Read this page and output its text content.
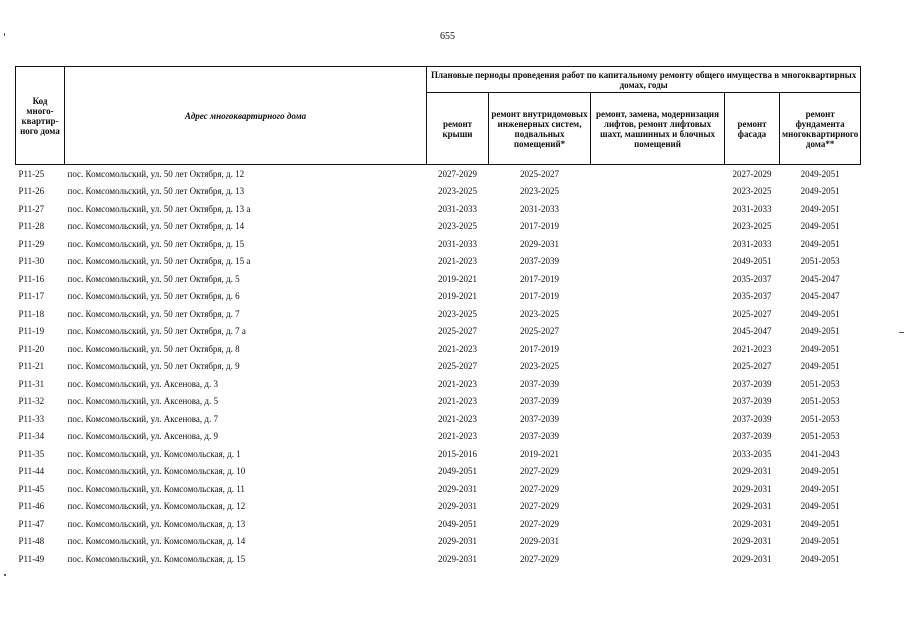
655
Код много-квартир-ного дома	Адрес многоквартирного дома	Плановые периоды проведения работ по капитальному ремонту общего имущества в многоквартирных домах, годы				
		ремонт крыши	ремонт внутридомовых инженерных систем, подвальных помещений*	ремонт, замена, модернизация лифтов, ремонт лифтовых шахт, машинных и блочных помещений	ремонт фасада	ремонт фундамента многоквартирного дома**
P11-25	пос. Комсомольский, ул. 50 лет Октября, д. 12	2027-2029	2025-2027		2027-2029	2049-2051
P11-26	пос. Комсомольский, ул. 50 лет Октября, д. 13	2023-2025	2023-2025		2023-2025	2049-2051
P11-27	пос. Комсомольский, ул. 50 лет Октября, д. 13 а	2031-2033	2031-2033		2031-2033	2049-2051
P11-28	пос. Комсомольский, ул. 50 лет Октября, д. 14	2023-2025	2017-2019		2023-2025	2049-2051
P11-29	пос. Комсомольский, ул. 50 лет Октября, д. 15	2031-2033	2029-2031		2031-2033	2049-2051
P11-30	пос. Комсомольский, ул. 50 лет Октября, д. 15 а	2021-2023	2037-2039		2049-2051	2051-2053
P11-16	пос. Комсомольский, ул. 50 лет Октября, д. 5	2019-2021	2017-2019		2035-2037	2045-2047
P11-17	пос. Комсомольский, ул. 50 лет Октября, д. 6	2019-2021	2017-2019		2035-2037	2045-2047
P11-18	пос. Комсомольский, ул. 50 лет Октября, д. 7	2023-2025	2023-2025		2025-2027	2049-2051
P11-19	пос. Комсомольский, ул. 50 лет Октября, д. 7 а	2025-2027	2025-2027		2045-2047	2049-2051
P11-20	пос. Комсомольский, ул. 50 лет Октября, д. 8	2021-2023	2017-2019		2021-2023	2049-2051
P11-21	пос. Комсомольский, ул. 50 лет Октября, д. 9	2025-2027	2023-2025		2025-2027	2049-2051
P11-31	пос. Комсомольский, ул. Аксенова, д. 3	2021-2023	2037-2039		2037-2039	2051-2053
P11-32	пос. Комсомольский, ул. Аксенова, д. 5	2021-2023	2037-2039		2037-2039	2051-2053
P11-33	пос. Комсомольский, ул. Аксенова, д. 7	2021-2023	2037-2039		2037-2039	2051-2053
P11-34	пос. Комсомольский, ул. Аксенова, д. 9	2021-2023	2037-2039		2037-2039	2051-2053
P11-35	пос. Комсомольский, ул. Комсомольская, д. 1	2015-2016	2019-2021		2033-2035	2041-2043
P11-44	пос. Комсомольский, ул. Комсомольская, д. 10	2049-2051	2027-2029		2029-2031	2049-2051
P11-45	пос. Комсомольский, ул. Комсомольская, д. 11	2029-2031	2027-2029		2029-2031	2049-2051
P11-46	пос. Комсомольский, ул. Комсомольская, д. 12	2029-2031	2027-2029		2029-2031	2049-2051
P11-47	пос. Комсомольский, ул. Комсомольская, д. 13	2049-2051	2027-2029		2029-2031	2049-2051
P11-48	пос. Комсомольский, ул. Комсомольская, д. 14	2029-2031	2029-2031		2029-2031	2049-2051
P11-49	пос. Комсомольский, ул. Комсомольская, д. 15	2029-2031	2027-2029		2029-2031	2049-2051
